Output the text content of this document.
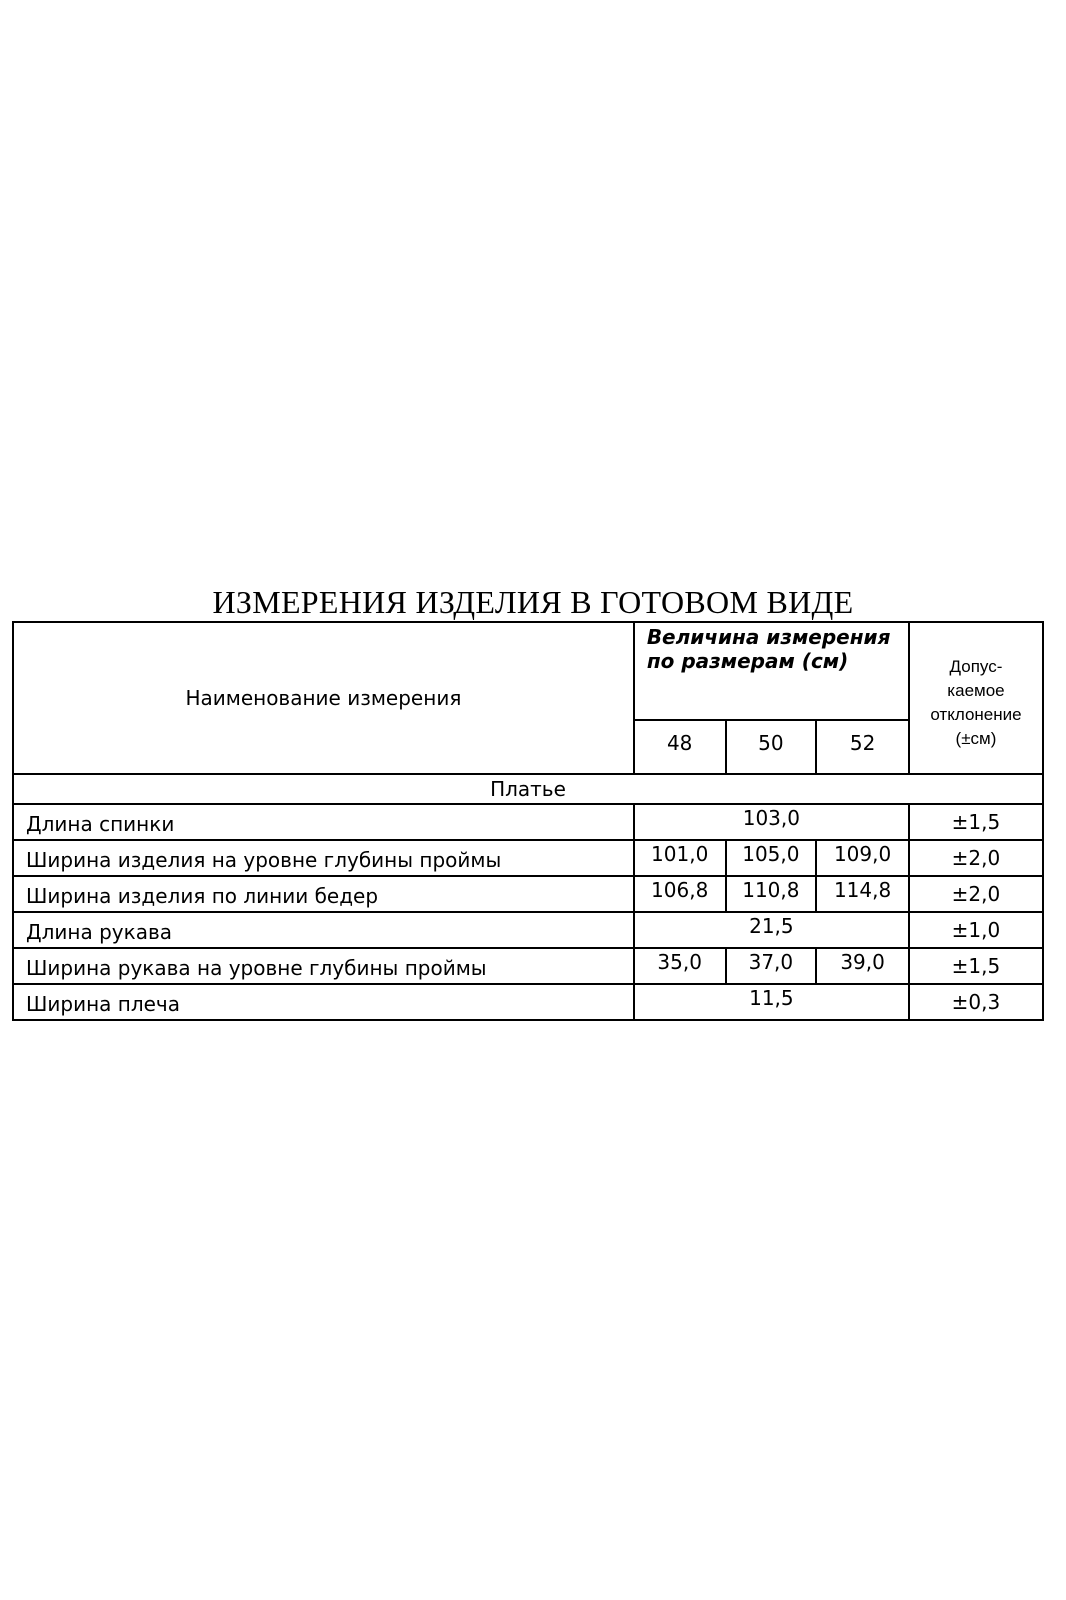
ИЗМЕРЕНИЯ ИЗДЕЛИЯ В ГОТОВОМ ВИДЕ
Наименование измерения	Величина измерения по размерам (см)			Допус-
каемое
отклонение
(±см)

	48	50	52	
Платье				
Длина спинки	103,0			±1,5
Ширина изделия на уровне глубины проймы	101,0	105,0	109,0	±2,0
Ширина изделия по линии бедер	106,8	110,8	114,8	±2,0
Длина рукава	21,5			±1,0
Ширина рукава на уровне глубины проймы	35,0	37,0	39,0	±1,5
Ширина плеча	11,5			±0,3
